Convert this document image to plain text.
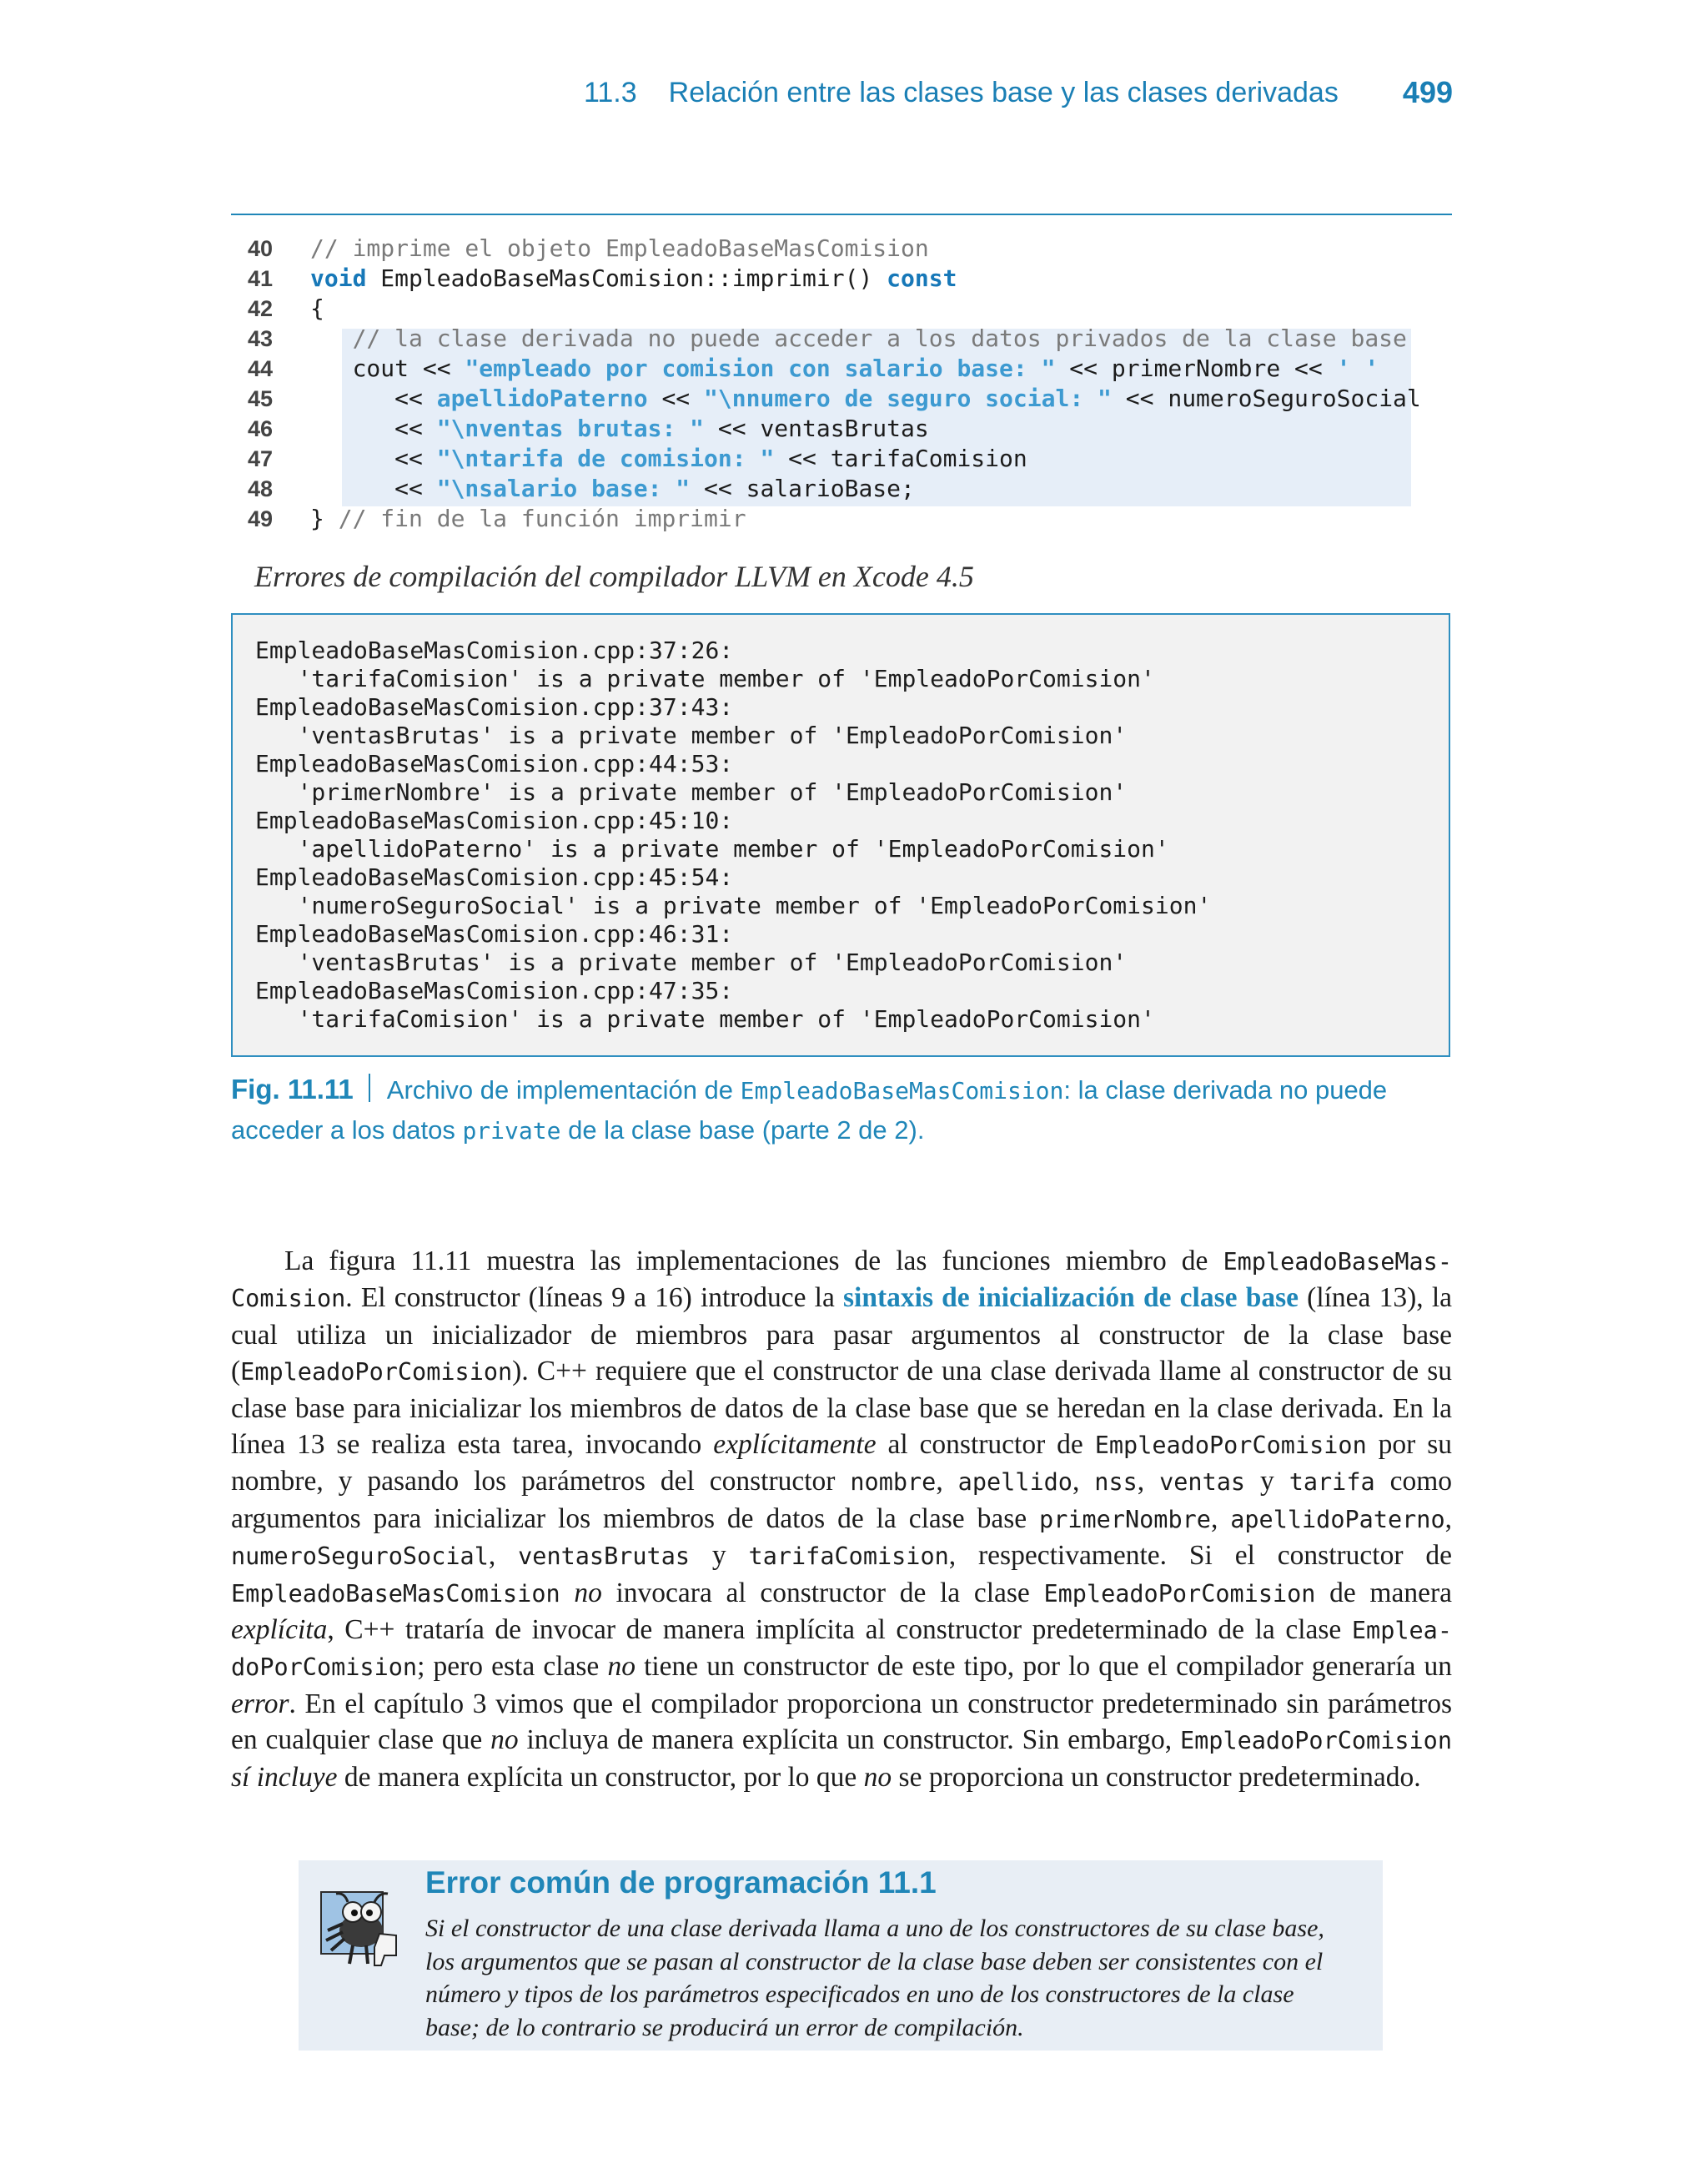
11.3 Relación entre las clases base y las clases derivadas	499
40 // imprime el objeto EmpleadoBaseMasComision
41 void EmpleadoBaseMasComision::imprimir() const
42 {
43	// la clase derivada no puede acceder a los datos privados de la clase base
44   cout << "empleado por comision con salario base: " << primerNombre << ' '
45      << apellidoPaterno << "\nnumero de seguro social: " << numeroSeguroSocial
46      << "\nventas brutas: " << ventasBrutas
47      << "\ntarifa de comision: " << tarifaComision
48      << "\nsalario base: " << salarioBase;
49 } // fin de la función imprimir
Errores de compilación del compilador LLVM en Xcode 4.5
EmpleadoBaseMasComision.cpp:37:26:
'tarifaComision' is a private member of 'EmpleadoPorComision'
EmpleadoBaseMasComision.cpp:37:43:
'ventasBrutas' is a private member of 'EmpleadoPorComision'
EmpleadoBaseMasComision.cpp:44:53:
'primerNombre' is a private member of 'EmpleadoPorComision'
EmpleadoBaseMasComision.cpp:45:10:
'apellidoPaterno' is a private member of 'EmpleadoPorComision'
EmpleadoBaseMasComision.cpp:45:54:
'numeroSeguroSocial' is a private member of 'EmpleadoPorComision'
EmpleadoBaseMasComision.cpp:46:31:
'ventasBrutas' is a private member of 'EmpleadoPorComision'
EmpleadoBaseMasComision.cpp:47:35:
'tarifaComision' is a private member of 'EmpleadoPorComision'
Fig. 11.11 Archivo de implementación de EmpleadoBaseMasComision: la clase derivada no puede acceder a los datos private de la clase base (parte 2 de 2).

La figura 11.11 muestra las implementaciones de las funciones miembro de EmpleadoBaseMas-Comision. El constructor (líneas 9 a 16) introduce la sintaxis de inicialización de clase base (línea 13), la cual utiliza un inicializador de miembros para pasar argumentos al constructor de la clase base (EmpleadoPorComision). C++ requiere que el constructor de una clase derivada llame al constructor de su clase base para inicializar los miembros de datos de la clase base que se heredan en la clase derivada. En la línea 13 se realiza esta tarea, invocando explícitamente al constructor de EmpleadoPorComision por su nombre, y pasando los parámetros del constructor nombre, apellido, nss, ventas y tarifa como argumentos para inicializar los miembros de datos de la clase base primerNombre, apellidoPaterno, numeroSeguroSocial, ventasBrutas y tarifaComision, respectivamente. Si el constructor de EmpleadoBaseMasComision no invocara al constructor de la clase EmpleadoPorComision de manera explícita, C++ trataría de invocar de manera implícita al constructor predeterminado de la clase Emplea-doPorComision; pero esta clase no tiene un constructor de este tipo, por lo que el compilador generaría un error. En el capítulo 3 vimos que el compilador proporciona un constructor predeterminado sin parámetros en cualquier clase que no incluya de manera explícita un constructor. Sin embargo, EmpleadoPorComision sí incluye de manera explícita un constructor, por lo que no se proporciona un constructor predeterminado.

Error común de programación 11.1
Si el constructor de una clase derivada llama a uno de los constructores de su clase base, los argumentos que se pasan al constructor de la clase base deben ser consistentes con el número y tipos de los parámetros especificados en uno de los constructores de la clase base; de lo contrario se producirá un error de compilación.
